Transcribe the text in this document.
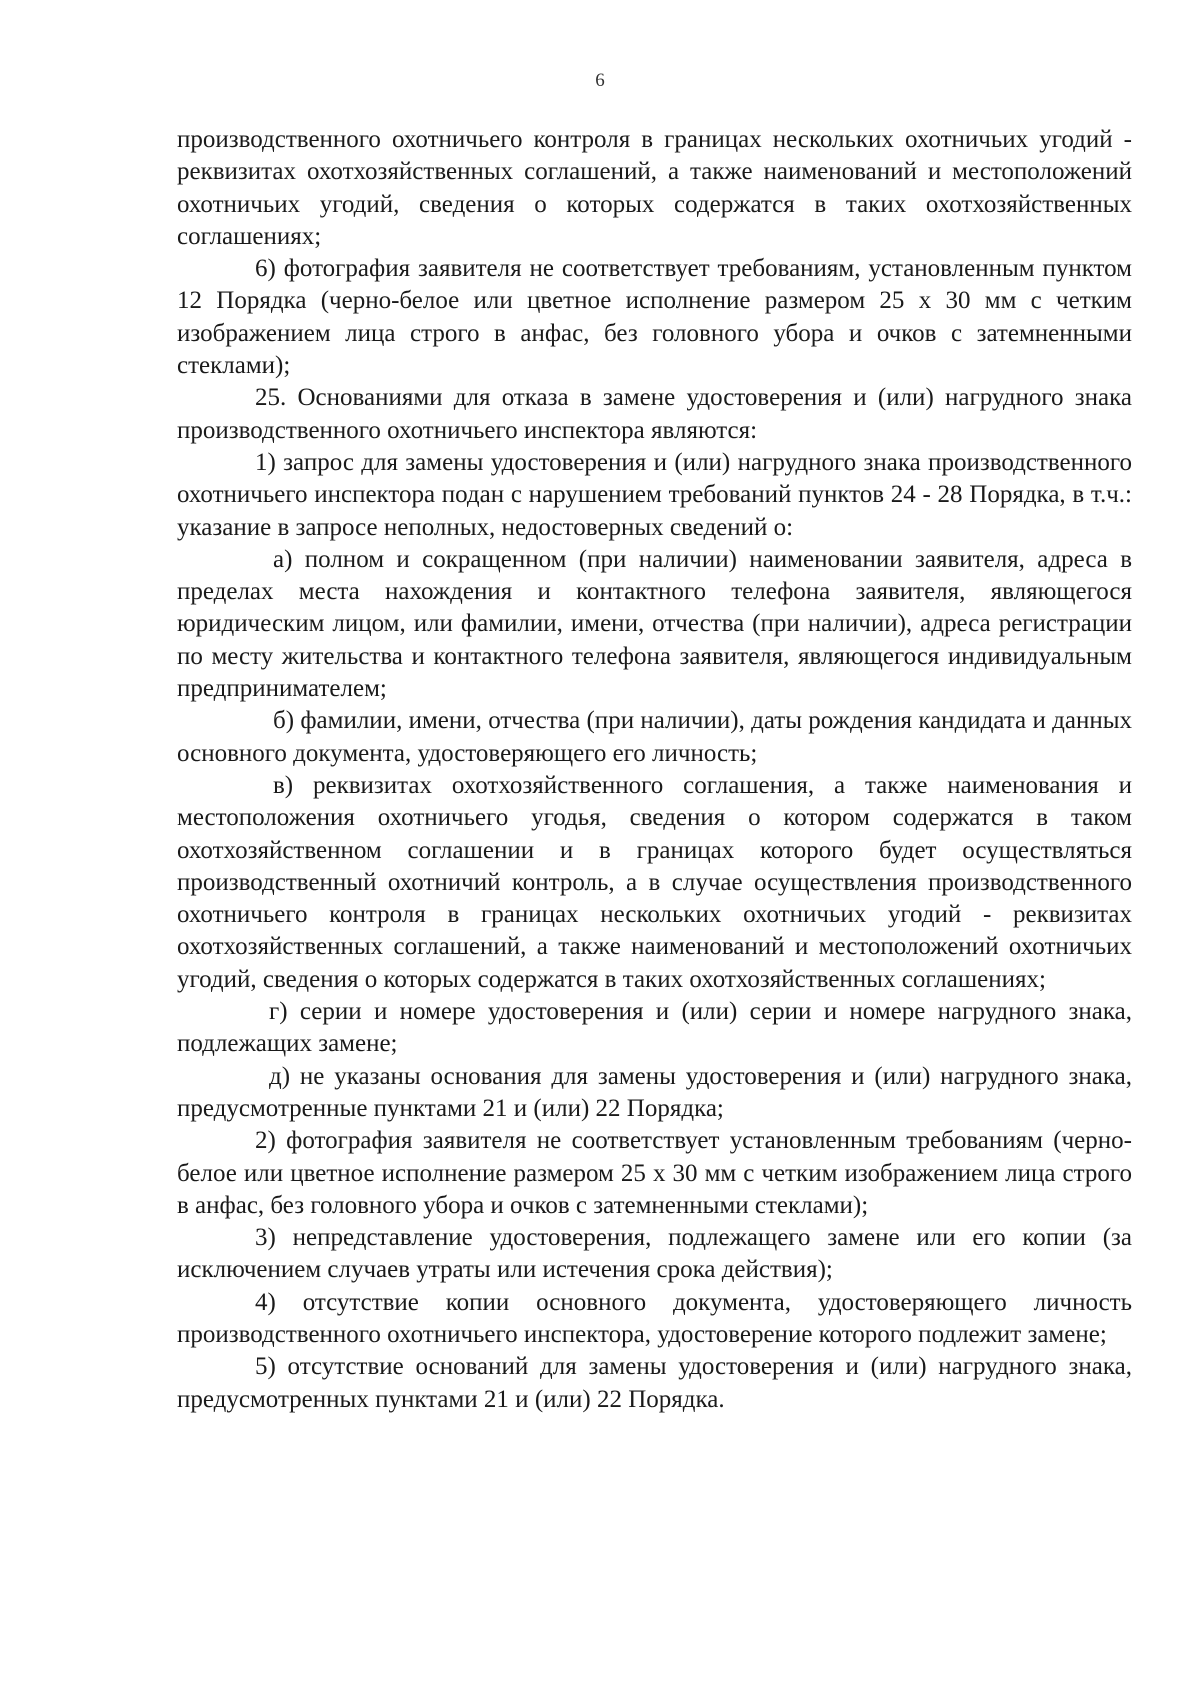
6

производственного охотничьего контроля в границах нескольких охотничьих угодий - реквизитах охотхозяйственных соглашений, а также наименований и местоположений охотничьих угодий, сведения о которых содержатся в таких охотхозяйственных соглашениях;

6) фотография заявителя не соответствует требованиям, установленным пунктом 12 Порядка (черно-белое или цветное исполнение размером 25 х 30 мм с четким изображением лица строго в анфас, без головного убора и очков с затемненными стеклами);

25. Основаниями для отказа в замене удостоверения и (или) нагрудного знака производственного охотничьего инспектора являются:

1) запрос для замены удостоверения и (или) нагрудного знака производственного охотничьего инспектора подан с нарушением требований пунктов 24 - 28 Порядка, в т.ч.: указание в запросе неполных, недостоверных сведений о:

а) полном и сокращенном (при наличии) наименовании заявителя, адреса в пределах места нахождения и контактного телефона заявителя, являющегося юридическим лицом, или фамилии, имени, отчества (при наличии), адреса регистрации по месту жительства и контактного телефона заявителя, являющегося индивидуальным предпринимателем;

б) фамилии, имени, отчества (при наличии), даты рождения кандидата и данных основного документа, удостоверяющего его личность;

в) реквизитах охотхозяйственного соглашения, а также наименования и местоположения охотничьего угодья, сведения о котором содержатся в таком охотхозяйственном соглашении и в границах которого будет осуществляться производственный охотничий контроль, а в случае осуществления производственного охотничьего контроля в границах нескольких охотничьих угодий - реквизитах охотхозяйственных соглашений, а также наименований и местоположений охотничьих угодий, сведения о которых содержатся в таких охотхозяйственных соглашениях;

г) серии и номере удостоверения и (или) серии и номере нагрудного знака, подлежащих замене;

д) не указаны основания для замены удостоверения и (или) нагрудного знака, предусмотренные пунктами 21 и (или) 22 Порядка;

2) фотография заявителя не соответствует установленным требованиям (черно-белое или цветное исполнение размером 25 х 30 мм с четким изображением лица строго в анфас, без головного убора и очков с затемненными стеклами);

3) непредставление удостоверения, подлежащего замене или его копии (за исключением случаев утраты или истечения срока действия);

4) отсутствие копии основного документа, удостоверяющего личность производственного охотничьего инспектора, удостоверение которого подлежит замене;

5) отсутствие оснований для замены удостоверения и (или) нагрудного знака, предусмотренных пунктами 21 и (или) 22 Порядка.
